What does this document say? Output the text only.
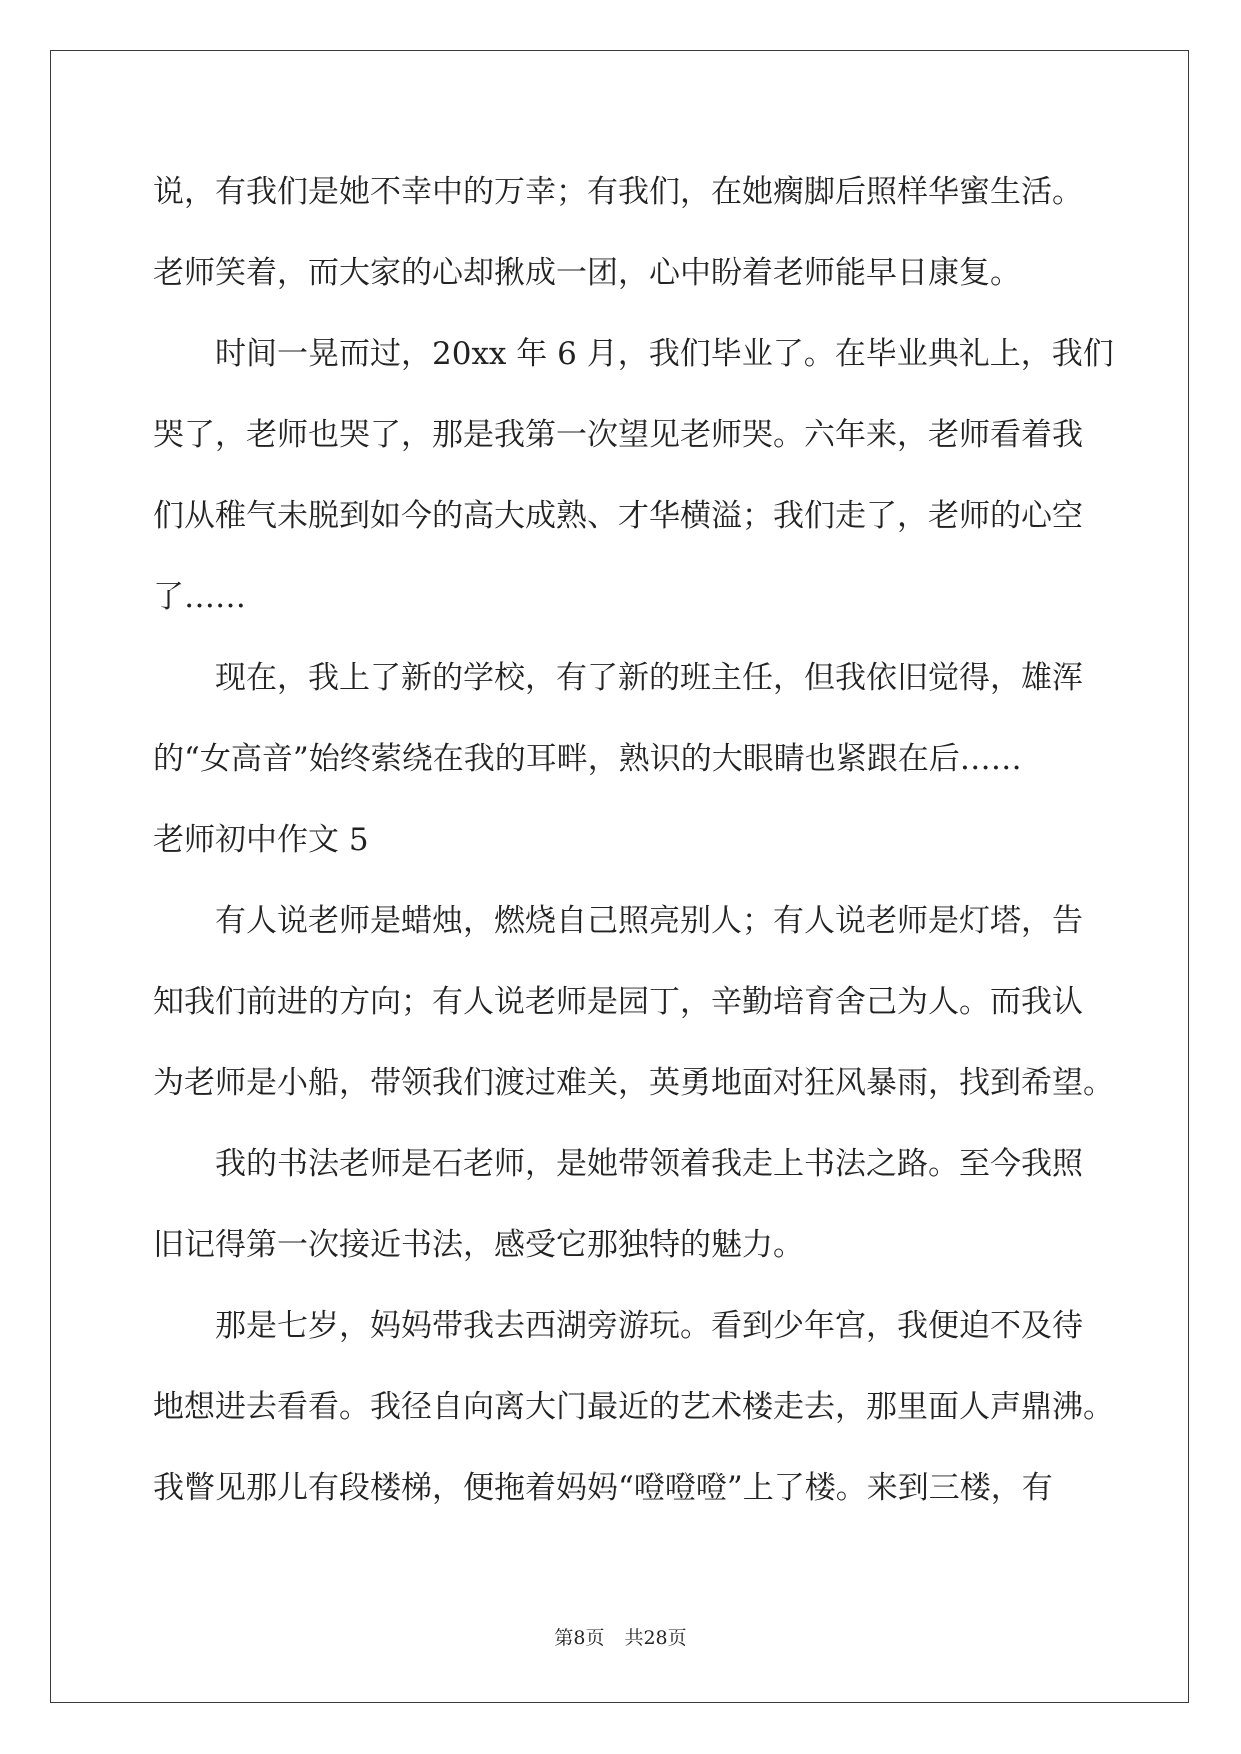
说，有我们是她不幸中的万幸；有我们，在她瘸脚后照样华蜜生活。
老师笑着，而大家的心却揪成一团，心中盼着老师能早日康复。
时间一晃而过，20xx 年 6 月，我们毕业了。在毕业典礼上，我们
哭了，老师也哭了，那是我第一次望见老师哭。六年来，老师看着我
们从稚气未脱到如今的高大成熟、才华横溢；我们走了，老师的心空
了……
现在，我上了新的学校，有了新的班主任，但我依旧觉得，雄浑
的“女高音”始终萦绕在我的耳畔，熟识的大眼睛也紧跟在后……
老师初中作文 5
有人说老师是蜡烛，燃烧自己照亮别人；有人说老师是灯塔，告
知我们前进的方向；有人说老师是园丁，辛勤培育舍己为人。而我认
为老师是小船，带领我们渡过难关，英勇地面对狂风暴雨，找到希望。
我的书法老师是石老师，是她带领着我走上书法之路。至今我照
旧记得第一次接近书法，感受它那独特的魅力。
那是七岁，妈妈带我去西湖旁游玩。看到少年宫，我便迫不及待
地想进去看看。我径自向离大门最近的艺术楼走去，那里面人声鼎沸。
我瞥见那儿有段楼梯，便拖着妈妈“噔噔噔”上了楼。来到三楼，有
第8页 共28页
